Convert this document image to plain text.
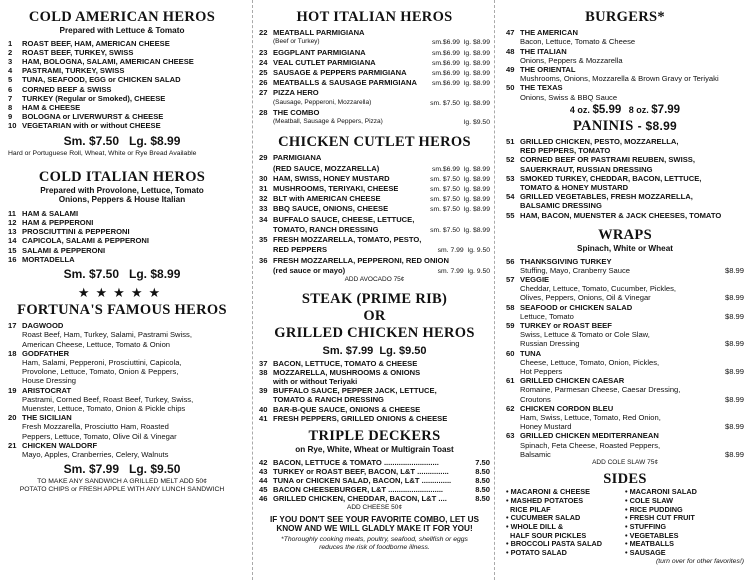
COLD AMERICAN HEROS
Prepared with Lettuce & Tomato
1 ROAST BEEF, HAM, AMERICAN CHEESE
2 ROAST BEEF, TURKEY, SWISS
3 HAM, BOLOGNA, SALAMI, AMERICAN CHEESE
4 PASTRAMI, TURKEY, SWISS
5 TUNA, SEAFOOD, EGG or CHICKEN SALAD
6 CORNED BEEF & SWISS
7 TURKEY (Regular or Smoked), CHEESE
8 HAM & CHEESE
9 BOLOGNA or LIVERWURST & CHEESE
10 VEGETARIAN with or without CHEESE
Sm. $7.50 Lg. $8.99
Hard or Portuguese Roll, Wheat, White or Rye Bread Available
COLD ITALIAN HEROS
Prepared with Provolone, Lettuce, Tomato
Onions, Peppers & House Italian
11 HAM & SALAMI
12 HAM & PEPPERONI
13 PROSCIUTTINI & PEPPERONI
14 CAPICOLA, SALAMI & PEPPERONI
15 SALAMI & PEPPERONI
16 MORTADELLA
Sm. $7.50 Lg. $8.99
★★★★★
FORTUNA'S FAMOUS HEROS
17 DAGWOOD
Roast Beef, Ham, Turkey, Salami, Pastrami Swiss,
American Cheese, Lettuce, Tomato & Onion
18 GODFATHER
Ham, Salami, Pepperoni, Prosciuttini, Capicola,
Provolone, Lettuce, Tomato, Onion & Peppers,
House Dressing
19 ARISTOCRAT
Pastrami, Corned Beef, Roast Beef, Turkey, Swiss,
Muenster, Lettuce, Tomato, Onion & Pickle chips
20 THE SICILIAN
Fresh Mozzarella, Prosciutto Ham, Roasted
Peppers, Lettuce, Tomato, Olive Oil & Vinegar
21 CHICKEN WALDORF
Mayo, Apples, Cranberries, Celery, Walnuts
Sm. $7.99 Lg. $9.50
TO MAKE ANY SANDWICH A GRILLED MELT ADD 50¢
POTATO CHIPS or FRESH APPLE WITH ANY LUNCH SANDWICH
HOT ITALIAN HEROS
22 MEATBALL PARMIGIANA
(Beef or Turkey)	sm.$6.99 lg. $8.99
23 EGGPLANT PARMIGIANA	sm.$6.99 lg. $8.99
24 VEAL CUTLET PARMIGIANA	sm.$6.99 lg. $8.99
25 SAUSAGE & PEPPERS PARMIGIANA	sm.$6.99 lg. $8.99
26 MEATBALLS & SAUSAGE PARMIGIANA sm.$6.99 lg. $8.99
27 PIZZA HERO
(Sausage, Pepperoni, Mozzarella)	sm. $7.50 lg. $8.99
28 THE COMBO
(Meatball, Sausage & Peppers, Pizza)	lg. $9.50
CHICKEN CUTLET HEROS
29 PARMIGIANA
(RED SAUCE, MOZZARELLA)	sm.$6.99 lg. $8.99
30 HAM, SWISS, HONEY MUSTARD	sm. $7.50 lg. $8.99
31 MUSHROOMS, TERIYAKI, CHEESE	sm. $7.50 lg. $8.99
32 BLT with AMERICAN CHEESE	sm. $7.50 lg. $8.99
33 BBQ SAUCE, ONIONS, CHEESE	sm. $7.50 lg. $8.99
34 BUFFALO SAUCE, CHEESE, LETTUCE,
TOMATO, RANCH DRESSING	sm. $7.50 lg. $8.99
35 FRESH MOZZARELLA, TOMATO, PESTO,
RED PEPPERS	sm. 7.99 lg. 9.50
36 FRESH MOZZARELLA, PEPPERONI, RED ONION
(red sauce or mayo)	sm. 7.99 lg. 9.50
ADD AVOCADO 75¢
STEAK (PRIME RIB)
OR
GRILLED CHICKEN HEROS
Sm. $7.99 Lg. $9.50
37 BACON, LETTUCE, TOMATO & CHEESE
38 MOZZARELLA, MUSHROOMS & ONIONS
with or without Teriyaki
39 BUFFALO SAUCE, PEPPER JACK, LETTUCE,
TOMATO & RANCH DRESSING
40 BAR-B-QUE SAUCE, ONIONS & CHEESE
41 FRESH PEPPERS, GRILLED ONIONS & CHEESE
TRIPLE DECKERS
on Rye, White, Wheat or Multigrain Toast
42 BACON, LETTUCE & TOMATO ..........................	7.50
43 TURKEY or ROAST BEEF, BACON, L&T ...............	8.50
44 TUNA or CHICKEN SALAD, BACON, L&T ..............	8.50
45 BACON CHEESEBURGER, L&T ..........................	8.50
46 GRILLED CHICKEN, CHEDDAR, BACON, L&T ....	8.50
ADD CHEESE 50¢
IF YOU DON'T SEE YOUR FAVORITE COMBO, LET US
KNOW AND WE WILL GLADLY MAKE IT FOR YOU!
*Thoroughly cooking meats, poultry, seafood, shellfish or eggs
reduces the risk of foodborne illness.
BURGERS*
47 THE AMERICAN
Bacon, Lettuce, Tomato & Cheese
48 THE ITALIAN
Onions, Peppers & Mozzarella
49 THE ORIENTAL
Mushrooms, Onions, Mozzarella & Brown Gravy or Teriyaki
50 THE TEXAS
Onions, Swiss & BBQ Sauce
4 oz. $5.99 8 oz. $7.99
PANINIS - $8.99
51 GRILLED CHICKEN, PESTO, MOZZARELLA,
RED PEPPERS, TOMATO
52 CORNED BEEF OR PASTRAMI REUBEN, SWISS,
SAUERKRAUT, RUSSIAN DRESSING
53 SMOKED TURKEY, CHEDDAR, BACON, LETTUCE,
TOMATO & HONEY MUSTARD
54 GRILLED VEGETABLES, FRESH MOZZARELLA,
BALSAMIC DRESSING
55 HAM, BACON, MUENSTER & JACK CHEESES, TOMATO
WRAPS
Spinach, White or Wheat
56 THANKSGIVING TURKEY
Stuffing, Mayo, Cranberry Sauce	$8.99
57 VEGGIE
Cheddar, Lettuce, Tomato, Cucumber, Pickles,
Olives, Peppers, Onions, Oil & Vinegar	$8.99
58 SEAFOOD or CHICKEN SALAD
Lettuce, Tomato	$8.99
59 TURKEY or ROAST BEEF
Swiss, Lettuce & Tomato or Cole Slaw,
Russian Dressing	$8.99
60 TUNA
Cheese, Lettuce, Tomato, Onion, Pickles,
Hot Peppers	$8.99
61 GRILLED CHICKEN CAESAR
Romaine, Parmesan Cheese, Caesar Dressing,
Croutons	$8.99
62 CHICKEN CORDON BLEU
Ham, Swiss, Lettuce, Tomato, Red Onion,
Honey Mustard	$8.99
63 GRILLED CHICKEN MEDITERRANEAN
Spinach, Feta Cheese, Roasted Peppers,
Balsamic	$8.99
ADD COLE SLAW 75¢
SIDES
• MACARONI & CHEESE
• MASHED POTATOES
RICE PILAF
• CUCUMBER SALAD
• WHOLE DILL &
HALF SOUR PICKLES
• BROCCOLI PASTA SALAD
• POTATO SALAD
• MACARONI SALAD
• COLE SLAW
• RICE PUDDING
• FRESH CUT FRUIT
• STUFFING
• VEGETABLES
• MEATBALLS
• SAUSAGE
(turn over for other favorites!)
